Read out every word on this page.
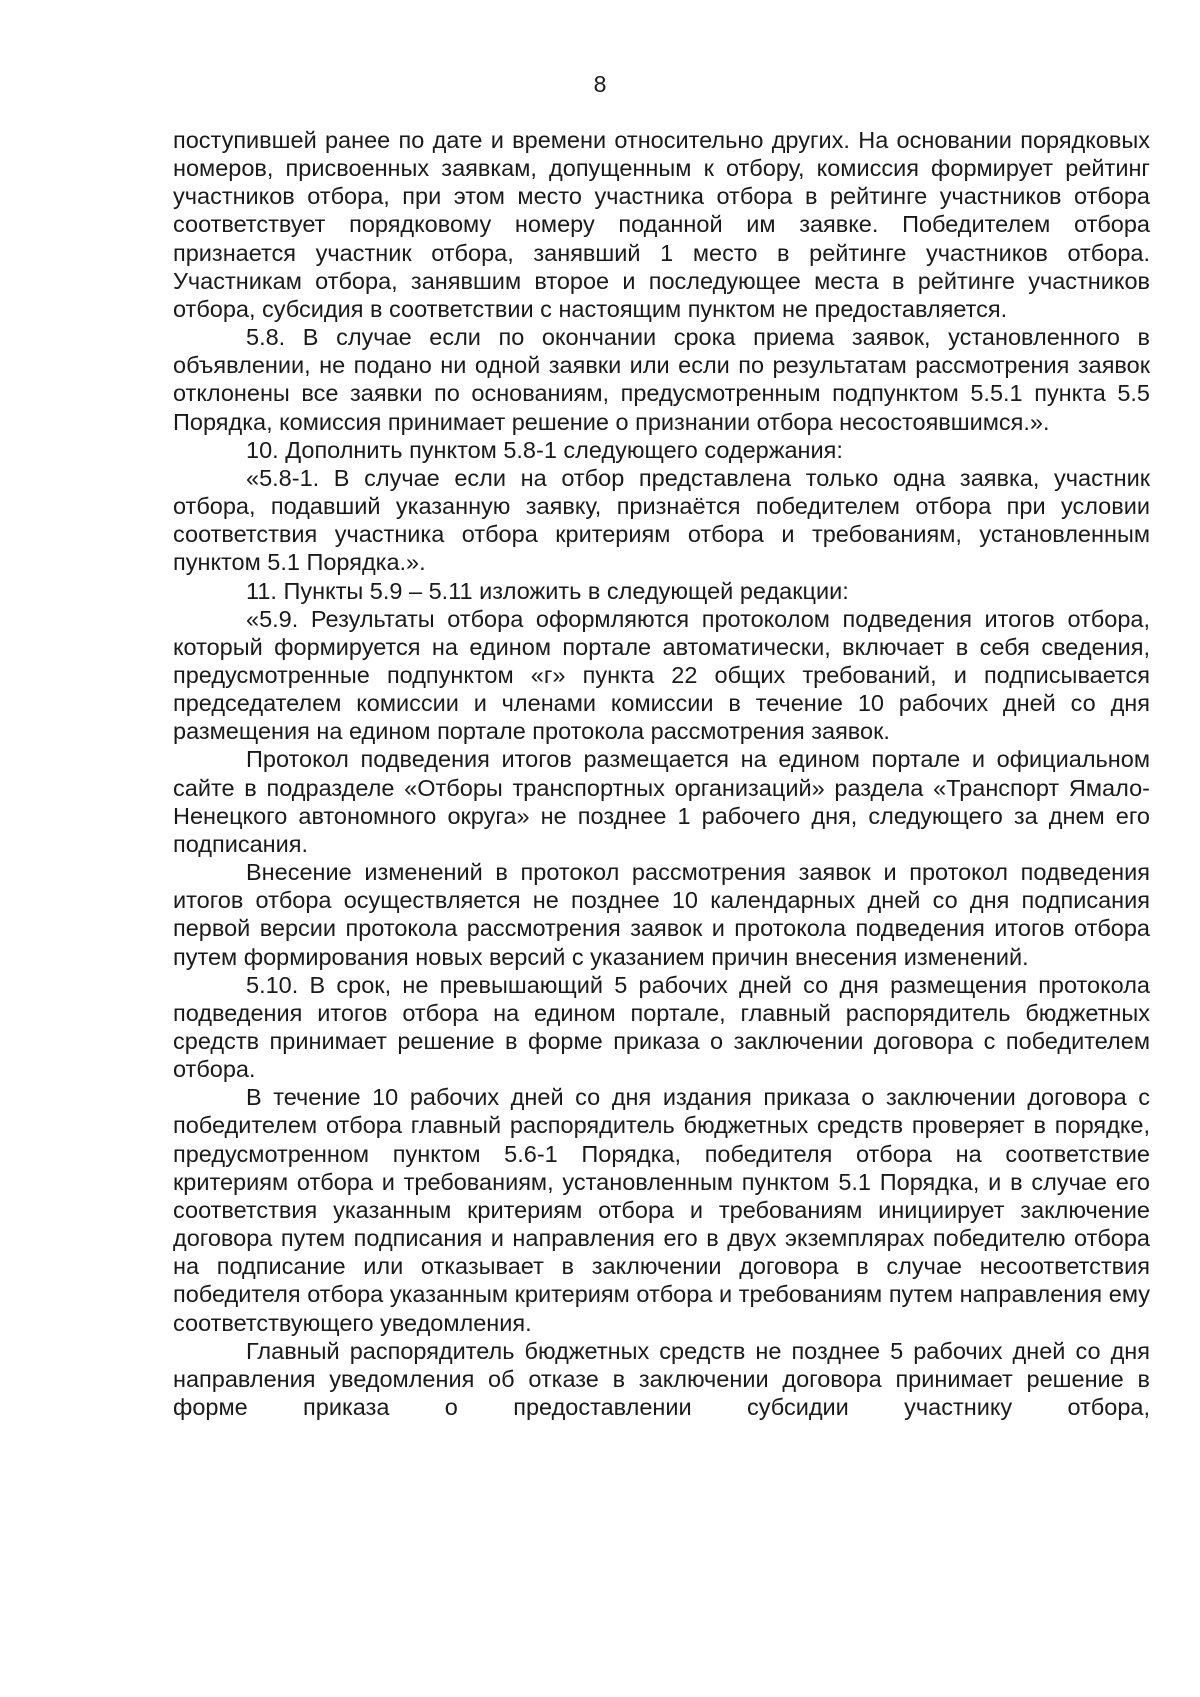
8

поступившей ранее по дате и времени относительно других. На основании порядковых номеров, присвоенных заявкам, допущенным к отбору, комиссия формирует рейтинг участников отбора, при этом место участника отбора в рейтинге участников отбора соответствует порядковому номеру поданной им заявке. Победителем отбора признается участник отбора, занявший 1 место в рейтинге участников отбора. Участникам отбора, занявшим второе и последующее места в рейтинге участников отбора, субсидия в соответствии с настоящим пунктом не предоставляется.

5.8. В случае если по окончании срока приема заявок, установленного в объявлении, не подано ни одной заявки или если по результатам рассмотрения заявок отклонены все заявки по основаниям, предусмотренным подпунктом 5.5.1 пункта 5.5 Порядка, комиссия принимает решение о признании отбора несостоявшимся.».

10. Дополнить пунктом 5.8-1 следующего содержания:

«5.8-1. В случае если на отбор представлена только одна заявка, участник отбора, подавший указанную заявку, признаётся победителем отбора при условии соответствия участника отбора критериям отбора и требованиям, установленным пунктом 5.1 Порядка.».

11. Пункты 5.9 – 5.11 изложить в следующей редакции:

«5.9. Результаты отбора оформляются протоколом подведения итогов отбора, который формируется на едином портале автоматически, включает в себя сведения, предусмотренные подпунктом «г» пункта 22 общих требований, и подписывается председателем комиссии и членами комиссии в течение 10 рабочих дней со дня размещения на едином портале протокола рассмотрения заявок.

Протокол подведения итогов размещается на едином портале и официальном сайте в подразделе «Отборы транспортных организаций» раздела «Транспорт Ямало-Ненецкого автономного округа» не позднее 1 рабочего дня, следующего за днем его подписания.

Внесение изменений в протокол рассмотрения заявок и протокол подведения итогов отбора осуществляется не позднее 10 календарных дней со дня подписания первой версии протокола рассмотрения заявок и протокола подведения итогов отбора путем формирования новых версий с указанием причин внесения изменений.

5.10. В срок, не превышающий 5 рабочих дней со дня размещения протокола подведения итогов отбора на едином портале, главный распорядитель бюджетных средств принимает решение в форме приказа о заключении договора с победителем отбора.

В течение 10 рабочих дней со дня издания приказа о заключении договора с победителем отбора главный распорядитель бюджетных средств проверяет в порядке, предусмотренном пунктом 5.6-1 Порядка, победителя отбора на соответствие критериям отбора и требованиям, установленным пунктом 5.1 Порядка, и в случае его соответствия указанным критериям отбора и требованиям инициирует заключение договора путем подписания и направления его в двух экземплярах победителю отбора на подписание или отказывает в заключении договора в случае несоответствия победителя отбора указанным критериям отбора и требованиям путем направления ему соответствующего уведомления.

Главный распорядитель бюджетных средств не позднее 5 рабочих дней со дня направления уведомления об отказе в заключении договора принимает решение в форме приказа о предоставлении субсидии участнику отбора,
